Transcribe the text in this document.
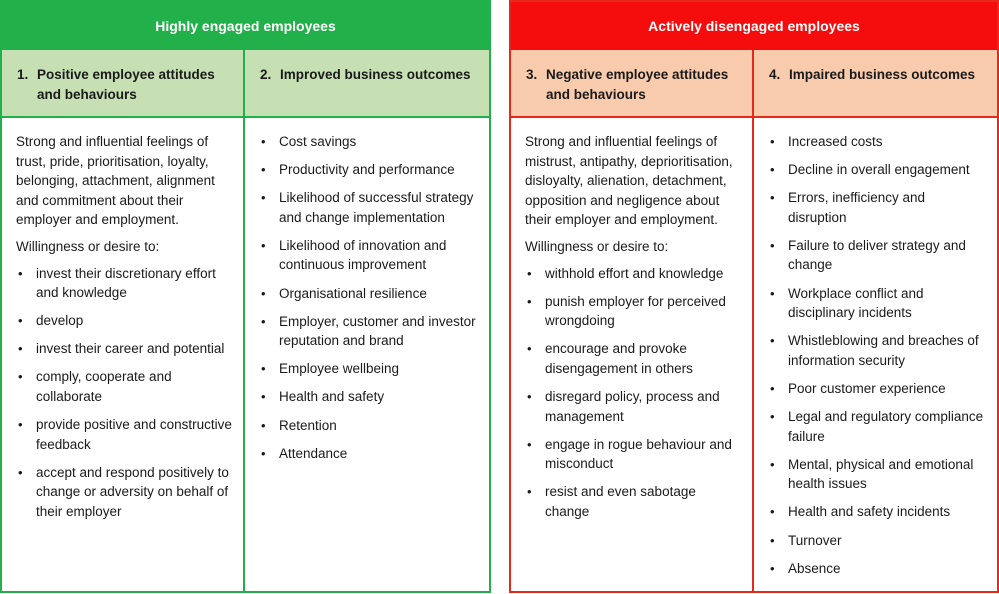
Highly engaged employees
1. Positive employee attitudes and behaviours

Strong and influential feelings of trust, pride, prioritisation, loyalty, belonging, attachment, alignment and commitment about their employer and employment.

Willingness or desire to:

• invest their discretionary effort and knowledge
• develop
• invest their career and potential
• comply, cooperate and collaborate
• provide positive and constructive feedback
• accept and respond positively to change or adversity on behalf of their employer
2. Improved business outcomes
• Cost savings
• Productivity and performance
• Likelihood of successful strategy and change implementation
• Likelihood of innovation and continuous improvement
• Organisational resilience
• Employer, customer and investor reputation and brand
• Employee wellbeing
• Health and safety
• Retention
• Attendance
Actively disengaged employees
3. Negative employee attitudes and behaviours

Strong and influential feelings of mistrust, antipathy, deprioritisation, disloyalty, alienation, detachment, opposition and negligence about their employer and employment.

Willingness or desire to:

• withhold effort and knowledge
• punish employer for perceived wrongdoing
• encourage and provoke disengagement in others
• disregard policy, process and management
• engage in rogue behaviour and misconduct
• resist and even sabotage change
4. Impaired business outcomes
• Increased costs
• Decline in overall engagement
• Errors, inefficiency and disruption
• Failure to deliver strategy and change
• Workplace conflict and disciplinary incidents
• Whistleblowing and breaches of information security
• Poor customer experience
• Legal and regulatory compliance failure
• Mental, physical and emotional health issues
• Health and safety incidents
• Turnover
• Absence
